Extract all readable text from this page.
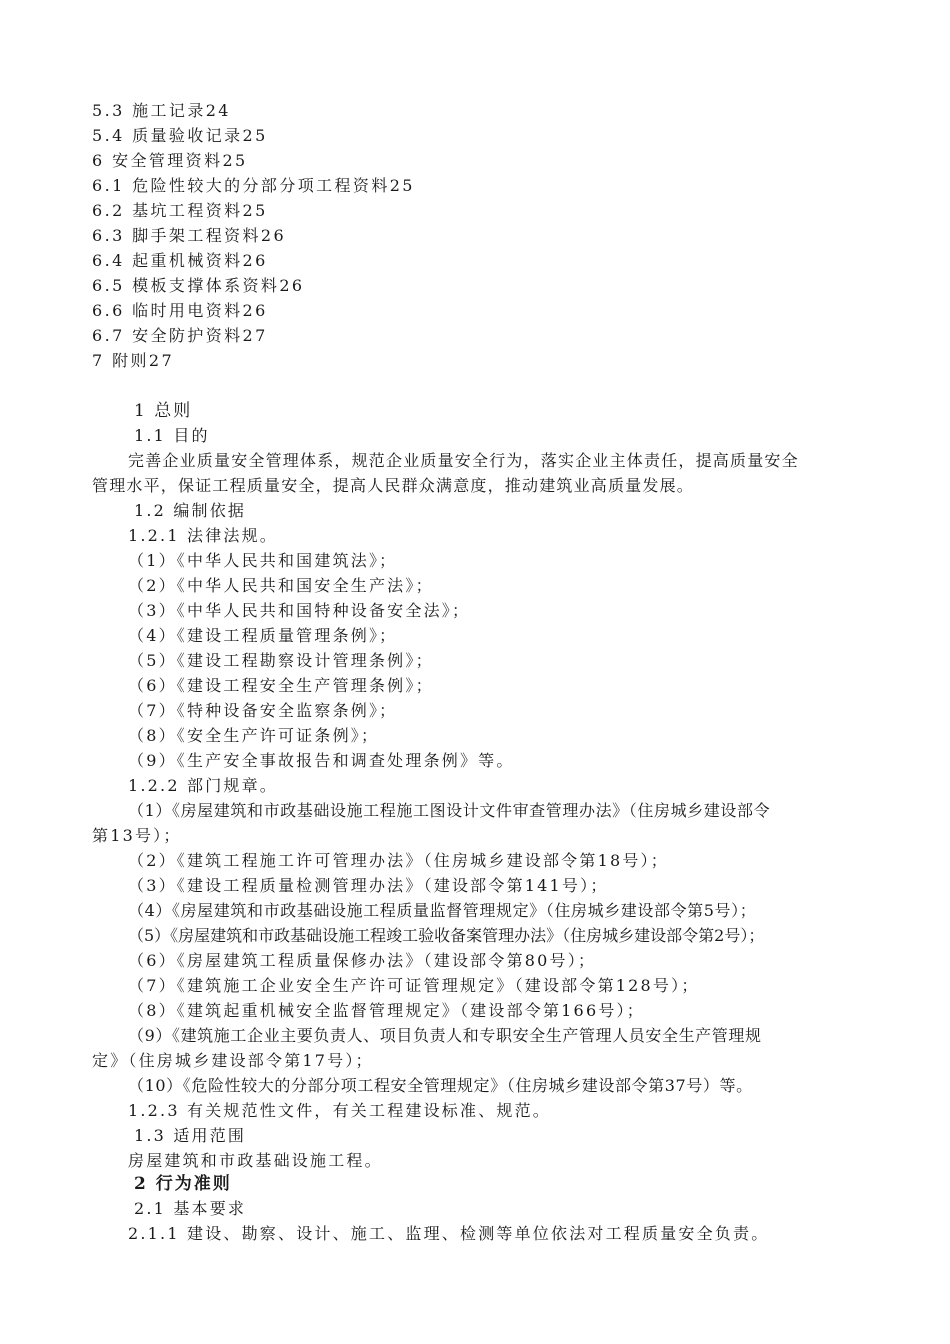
5.3 施工记录24
5.4 质量验收记录25
6 安全管理资料25
6.1 危险性较大的分部分项工程资料25
6.2 基坑工程资料25
6.3 脚手架工程资料26
6.4 起重机械资料26
6.5 模板支撑体系资料26
6.6 临时用电资料26
6.7 安全防护资料27
7 附则27
1 总则
1.1 目的
完善企业质量安全管理体系，规范企业质量安全行为，落实企业主体责任，提高质量安全
管理水平，保证工程质量安全，提高人民群众满意度，推动建筑业高质量发展。
1.2 编制依据
1.2.1 法律法规。
（1）《中华人民共和国建筑法》；
（2）《中华人民共和国安全生产法》；
（3）《中华人民共和国特种设备安全法》；
（4）《建设工程质量管理条例》；
（5）《建设工程勘察设计管理条例》；
（6）《建设工程安全生产管理条例》；
（7）《特种设备安全监察条例》；
（8）《安全生产许可证条例》；
（9）《生产安全事故报告和调查处理条例》等。
1.2.2 部门规章。
（1）《房屋建筑和市政基础设施工程施工图设计文件审查管理办法》（住房城乡建设部令
第13号）；
（2）《建筑工程施工许可管理办法》（住房城乡建设部令第18号）；
（3）《建设工程质量检测管理办法》（建设部令第141号）；
（4）《房屋建筑和市政基础设施工程质量监督管理规定》（住房城乡建设部令第5号）；
（5）《房屋建筑和市政基础设施工程竣工验收备案管理办法》（住房城乡建设部令第2号）；
（6）《房屋建筑工程质量保修办法》（建设部令第80号）；
（7）《建筑施工企业安全生产许可证管理规定》（建设部令第128号）；
（8）《建筑起重机械安全监督管理规定》（建设部令第166号）；
（9）《建筑施工企业主要负责人、项目负责人和专职安全生产管理人员安全生产管理规
定》（住房城乡建设部令第17号）；
（10）《危险性较大的分部分项工程安全管理规定》（住房城乡建设部令第37号）等。
1.2.3 有关规范性文件，有关工程建设标准、规范。
1.3 适用范围
房屋建筑和市政基础设施工程。
2 行为准则
2.1 基本要求
2.1.1 建设、勘察、设计、施工、监理、检测等单位依法对工程质量安全负责。
